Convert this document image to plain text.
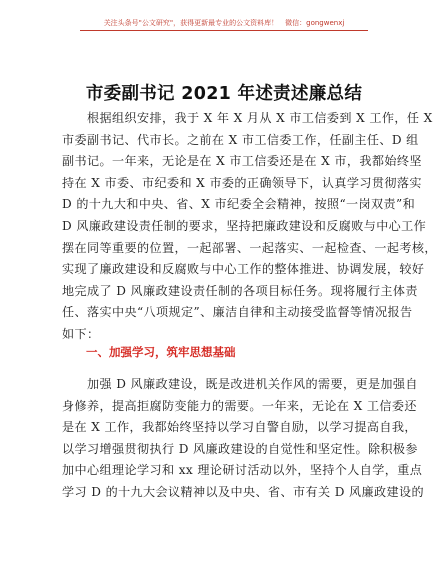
关注头条号"公文研究"，获得更新最专业的公文资料库！　微信：gongwenxj
市委副书记 2021 年述责述廉总结
　　根据组织安排，我于 X 年 X 月从 X 市工信委到 X 工作，任 X
市委副书记、代市长。之前在 X 市工信委工作，任副主任、D 组
副书记。一年来，无论是在 X 市工信委还是在 X 市，我都始终坚
持在 X 市委、市纪委和 X 市委的正确领导下，认真学习贯彻落实
D 的十九大和中央、省、X 市纪委全会精神，按照“一岗双责”和
D 风廉政建设责任制的要求，坚持把廉政建设和反腐败与中心工作
摆在同等重要的位置，一起部署、一起落实、一起检查、一起考核，
实现了廉政建设和反腐败与中心工作的整体推进、协调发展，较好
地完成了 D 风廉政建设责任制的各项目标任务。现将履行主体责
任、落实中央“八项规定”、廉洁自律和主动接受监督等情况报告
如下：
一、加强学习，筑牢思想基础
　　加强 D 风廉政建设，既是改进机关作风的需要，更是加强自
身修养，提高拒腐防变能力的需要。一年来，无论在 X 工信委还
是在 X 工作，我都始终坚持以学习自警自励，以学习提高自我，
以学习增强贯彻执行 D 风廉政建设的自觉性和坚定性。除积极参
加中心组理论学习和 xx 理论研讨活动以外，坚持个人自学，重点
学习 D 的十九大会议精神以及中央、省、市有关 D 风廉政建设的
